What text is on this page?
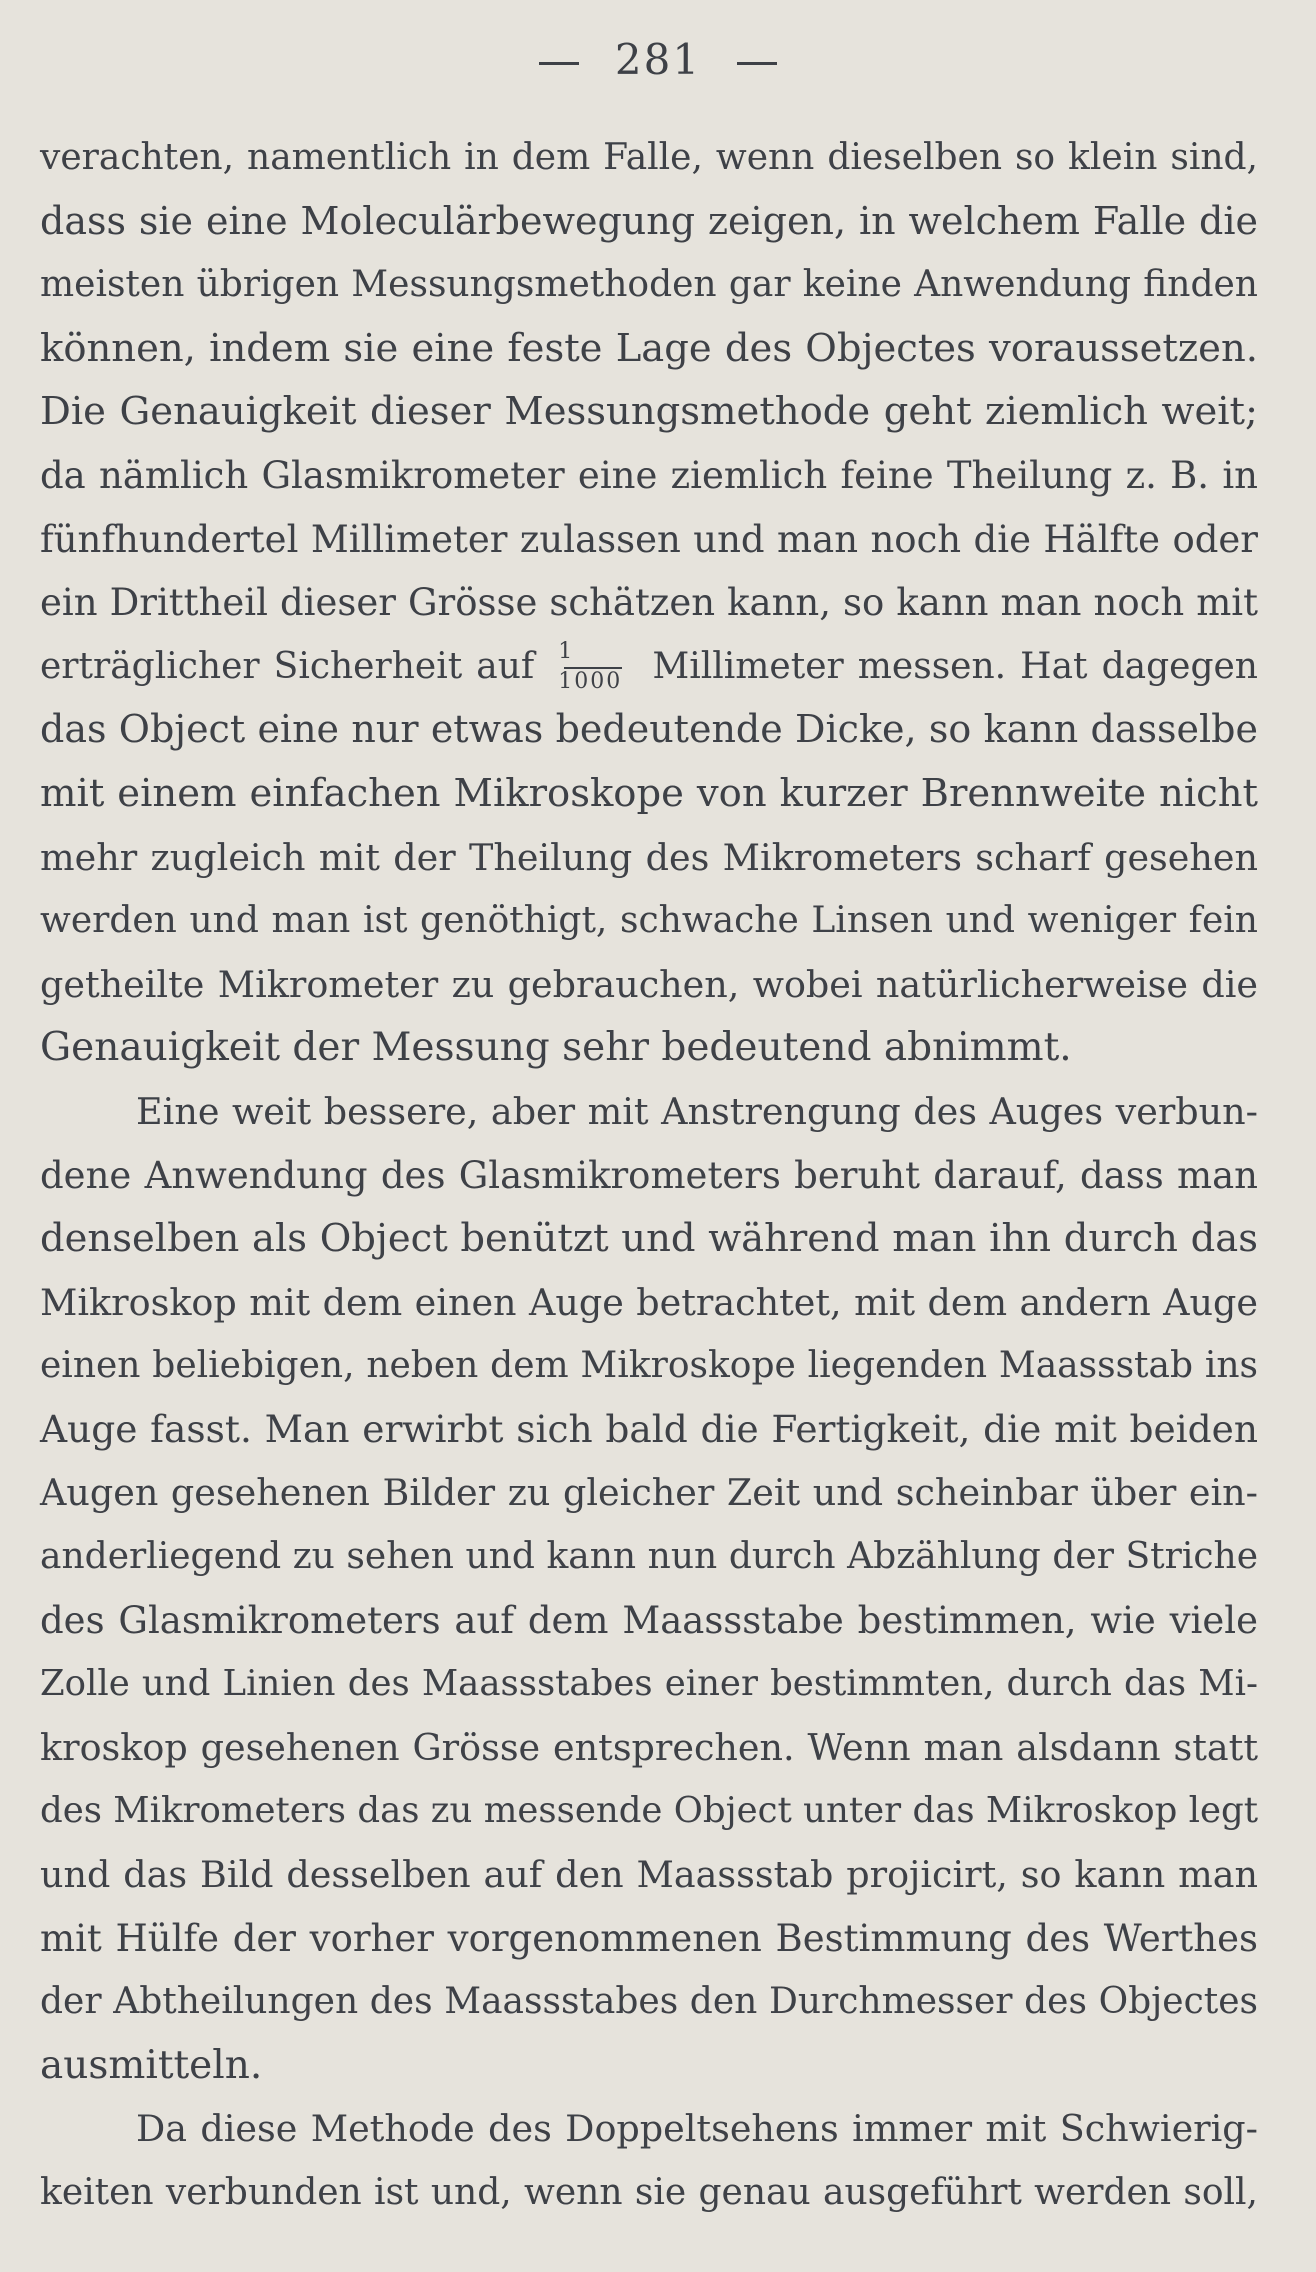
281
verachten, namentlich in dem Falle, wenn dieselben so klein sind,
dass sie eine Moleculärbewegung zeigen, in welchem Falle die
meisten übrigen Messungsmethoden gar keine Anwendung finden
können, indem sie eine feste Lage des Objectes voraussetzen.
Die Genauigkeit dieser Messungsmethode geht ziemlich weit;
da nämlich Glasmikrometer eine ziemlich feine Theilung z. B. in
fünfhundertel Millimeter zulassen und man noch die Hälfte oder
ein Drittheil dieser Grösse schätzen kann, so kann man noch mit
erträglicher Sicherheit auf $\frac{1}{1000}$ Millimeter messen. Hat dagegen
das Object eine nur etwas bedeutende Dicke, so kann dasselbe
mit einem einfachen Mikroskope von kurzer Brennweite nicht
mehr zugleich mit der Theilung des Mikrometers scharf gesehen
werden und man ist genöthigt, schwache Linsen und weniger fein
getheilte Mikrometer zu gebrauchen, wobei natürlicherweise die
Genauigkeit der Messung sehr bedeutend abnimmt.
Eine weit bessere, aber mit Anstrengung des Auges verbun-
dene Anwendung des Glasmikrometers beruht darauf, dass man
denselben als Object benützt und während man ihn durch das
Mikroskop mit dem einen Auge betrachtet, mit dem andern Auge
einen beliebigen, neben dem Mikroskope liegenden Maassstab ins
Auge fasst. Man erwirbt sich bald die Fertigkeit, die mit beiden
Augen gesehenen Bilder zu gleicher Zeit und scheinbar über ein-
anderliegend zu sehen und kann nun durch Abzählung der Striche
des Glasmikrometers auf dem Maassstabe bestimmen, wie viele
Zolle und Linien des Maassstabes einer bestimmten, durch das Mi-
kroskop gesehenen Grösse entsprechen. Wenn man alsdann statt
des Mikrometers das zu messende Object unter das Mikroskop legt
und das Bild desselben auf den Maassstab projicirt, so kann man
mit Hülfe der vorher vorgenommenen Bestimmung des Werthes
der Abtheilungen des Maassstabes den Durchmesser des Objectes
ausmitteln.
Da diese Methode des Doppeltsehens immer mit Schwierig-
keiten verbunden ist und, wenn sie genau ausgeführt werden soll,
